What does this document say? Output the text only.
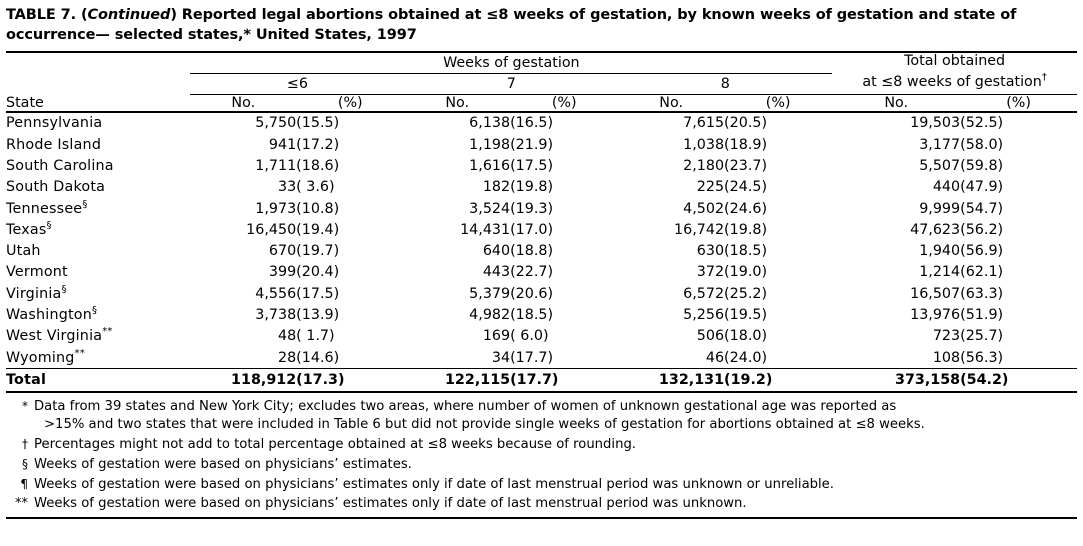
TABLE 7. (Continued) Reported legal abortions obtained at ≤8 weeks of gestation, by known weeks of gestation and state of occurrence— selected states,* United States, 1997
	Weeks of gestation						Total obtained	

	≤6		7		8		at ≤8 weeks of gestation†

State	No.	(%)	No.	(%)	No.	(%)	No.	(%)

Pennsylvania	5,750	(15.5)	6,138	(16.5)	7,615	(20.5)	19,503	(52.5)
Rhode Island	941	(17.2)	1,198	(21.9)	1,038	(18.9)	3,177	(58.0)
South Carolina	1,711	(18.6)	1,616	(17.5)	2,180	(23.7)	5,507	(59.8)
South Dakota	33	( 3.6)	182	(19.8)	225	(24.5)	440	(47.9)
Tennessee§	1,973	(10.8)	3,524	(19.3)	4,502	(24.6)	9,999	(54.7)
Texas§	16,450	(19.4)	14,431	(17.0)	16,742	(19.8)	47,623	(56.2)
Utah	670	(19.7)	640	(18.8)	630	(18.5)	1,940	(56.9)
Vermont	399	(20.4)	443	(22.7)	372	(19.0)	1,214	(62.1)
Virginia§	4,556	(17.5)	5,379	(20.6)	6,572	(25.2)	16,507	(63.3)
Washington§	3,738	(13.9)	4,982	(18.5)	5,256	(19.5)	13,976	(51.9)
West Virginia**	48	( 1.7)	169	( 6.0)	506	(18.0)	723	(25.7)
Wyoming**	28	(14.6)	34	(17.7)	46	(24.0)	108	(56.3)

Total	118,912	(17.3)	122,115	(17.7)	132,131	(19.2)	373,158	(54.2)

* Data from 39 states and New York City; excludes two areas, where number of women of unknown gestational age was reported as
>15% and two states that were included in Table 6 but did not provide single weeks of gestation for abortions obtained at ≤8 weeks.
† Percentages might not add to total percentage obtained at ≤8 weeks because of rounding.
§ Weeks of gestation were based on physicians’ estimates.
¶ Weeks of gestation were based on physicians’ estimates only if date of last menstrual period was unknown or unreliable.
** Weeks of gestation were based on physicians’ estimates only if date of last menstrual period was unknown.
